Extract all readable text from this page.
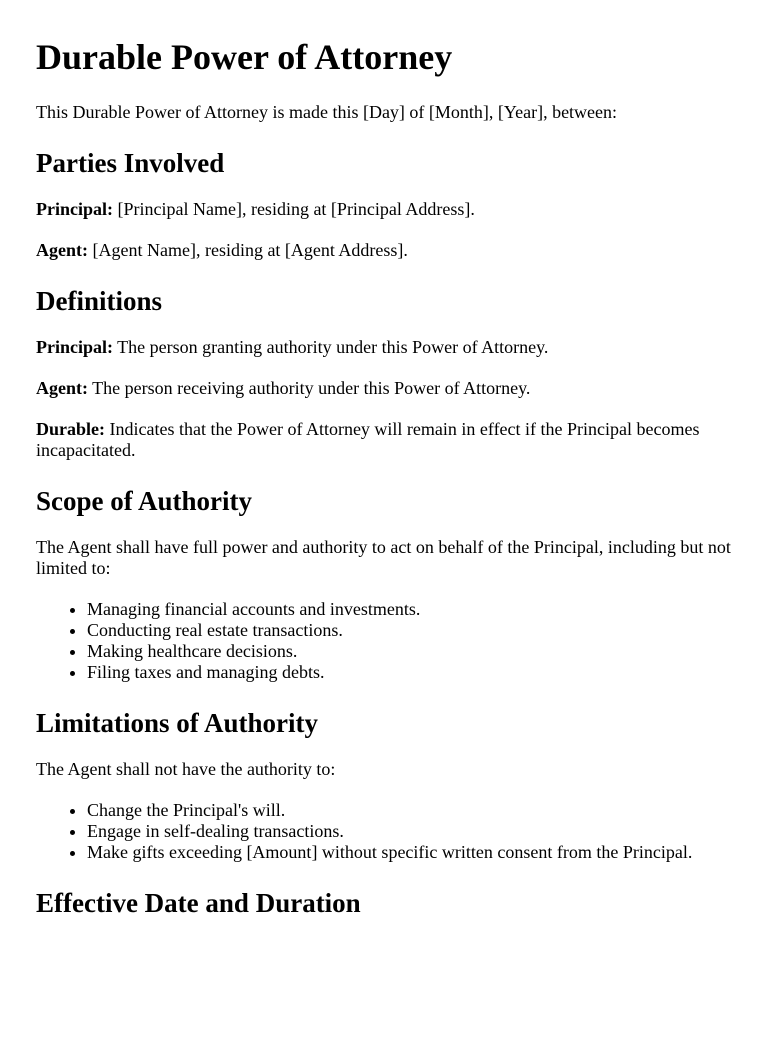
Durable Power of Attorney

This Durable Power of Attorney is made this [Day] of [Month], [Year], between:

Parties Involved

Principal: [Principal Name], residing at [Principal Address].

Agent: [Agent Name], residing at [Agent Address].

Definitions

Principal: The person granting authority under this Power of Attorney.

Agent: The person receiving authority under this Power of Attorney.

Durable: Indicates that the Power of Attorney will remain in effect if the Principal becomes incapacitated.

Scope of Authority

The Agent shall have full power and authority to act on behalf of the Principal, including but not limited to:

• Managing financial accounts and investments.
• Conducting real estate transactions.
• Making healthcare decisions.
• Filing taxes and managing debts.
Limitations of Authority

The Agent shall not have the authority to:

• Change the Principal's will.
• Engage in self-dealing transactions.
• Make gifts exceeding [Amount] without specific written consent from the Principal.
Effective Date and Duration
